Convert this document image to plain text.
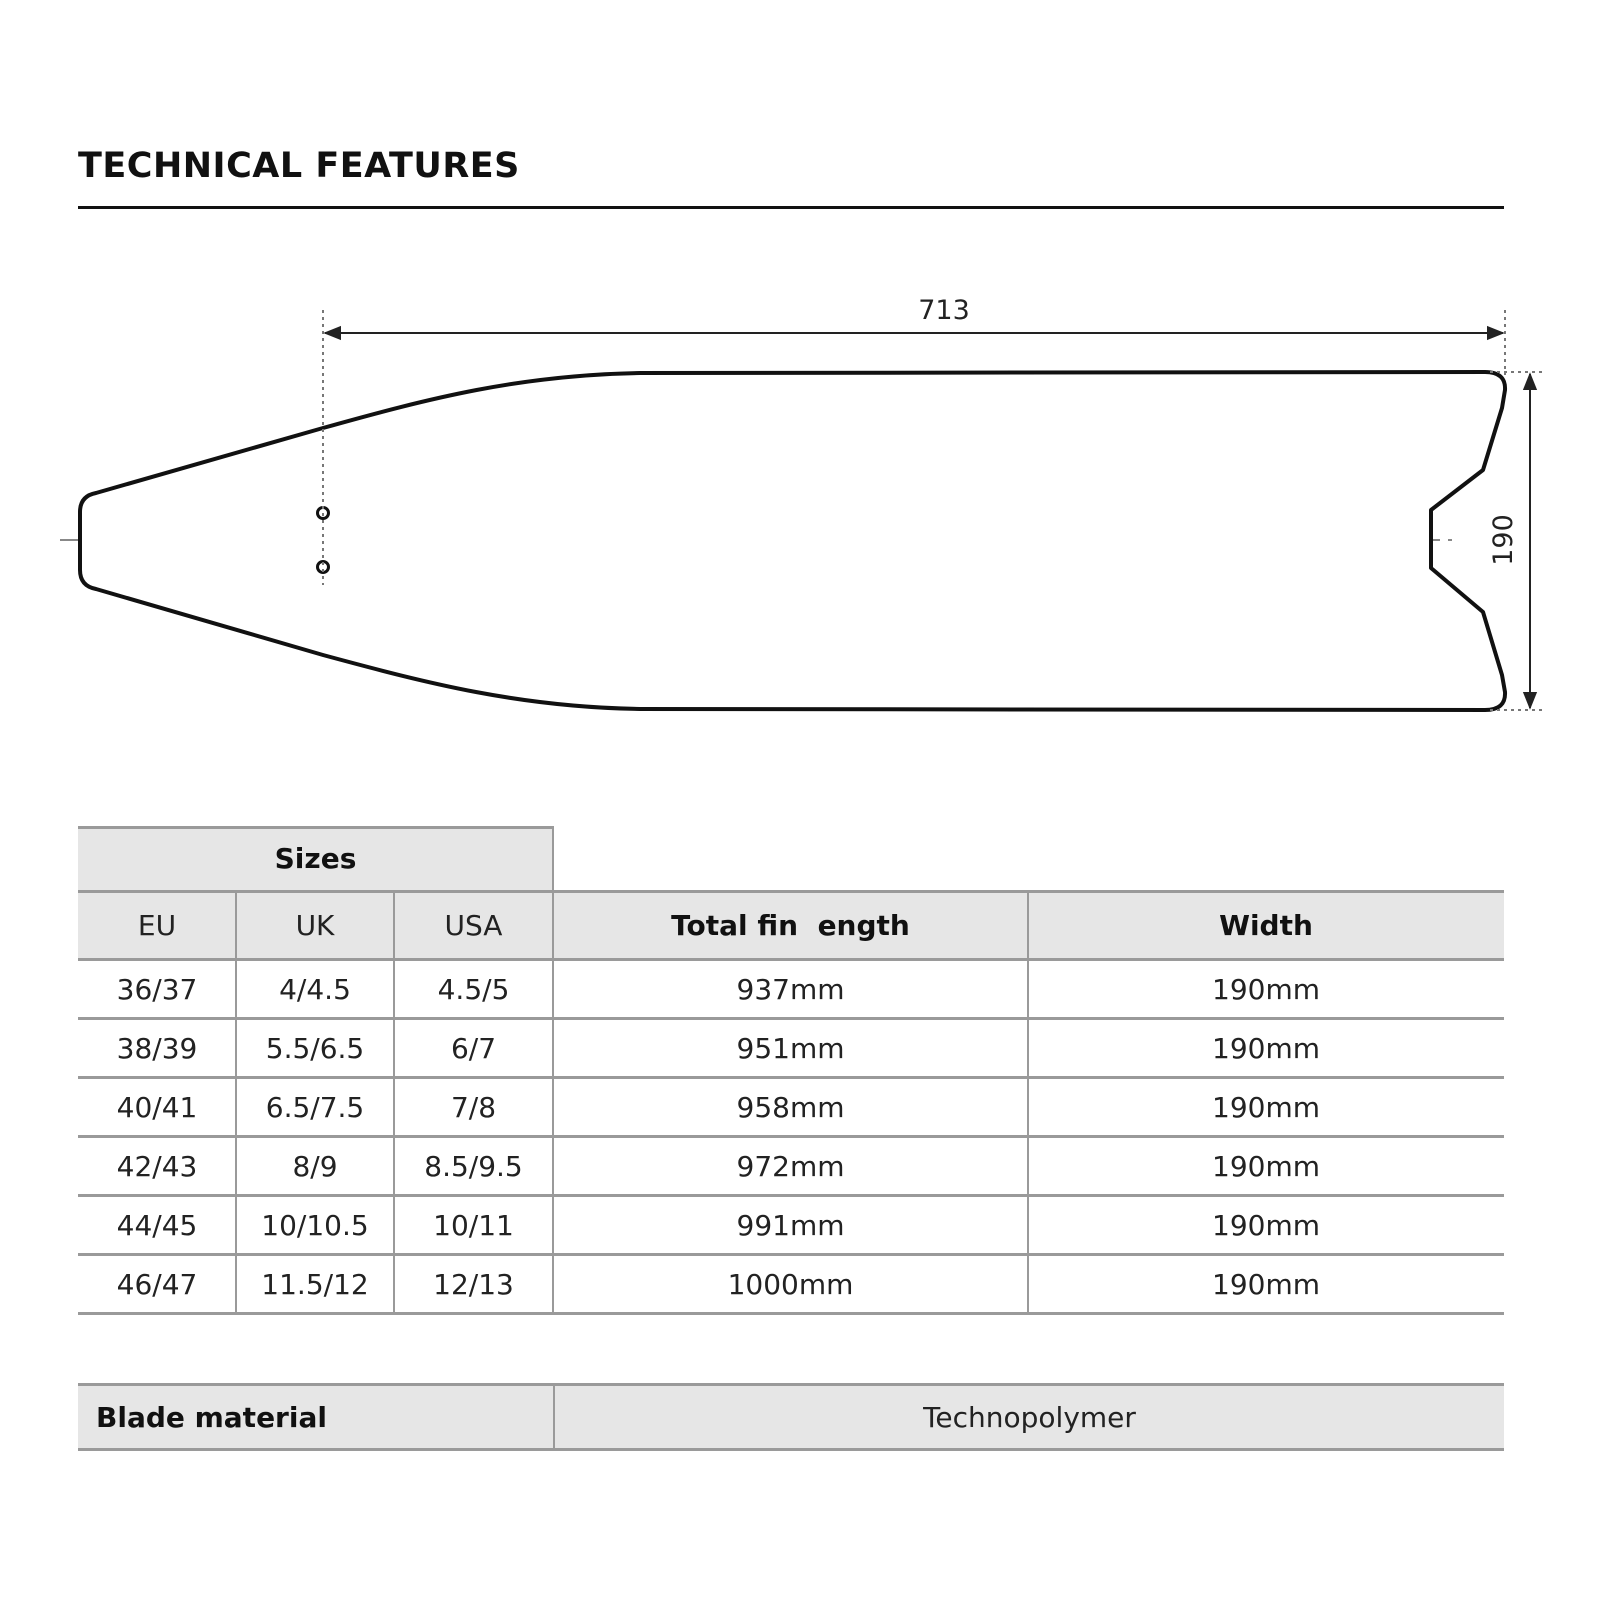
TECHNICAL FEATURES
713
190
Sizes
EU	UK	USA	Total fin  ength	Width
36/37	4/4.5	4.5/5	937mm	190mm
38/39	5.5/6.5	6/7	951mm	190mm
40/41	6.5/7.5	7/8	958mm	190mm
42/43	8/9	8.5/9.5	972mm	190mm
44/45	10/10.5	10/11	991mm	190mm
46/47	11.5/12	12/13	1000mm	190mm
Blade material	Technopolymer
